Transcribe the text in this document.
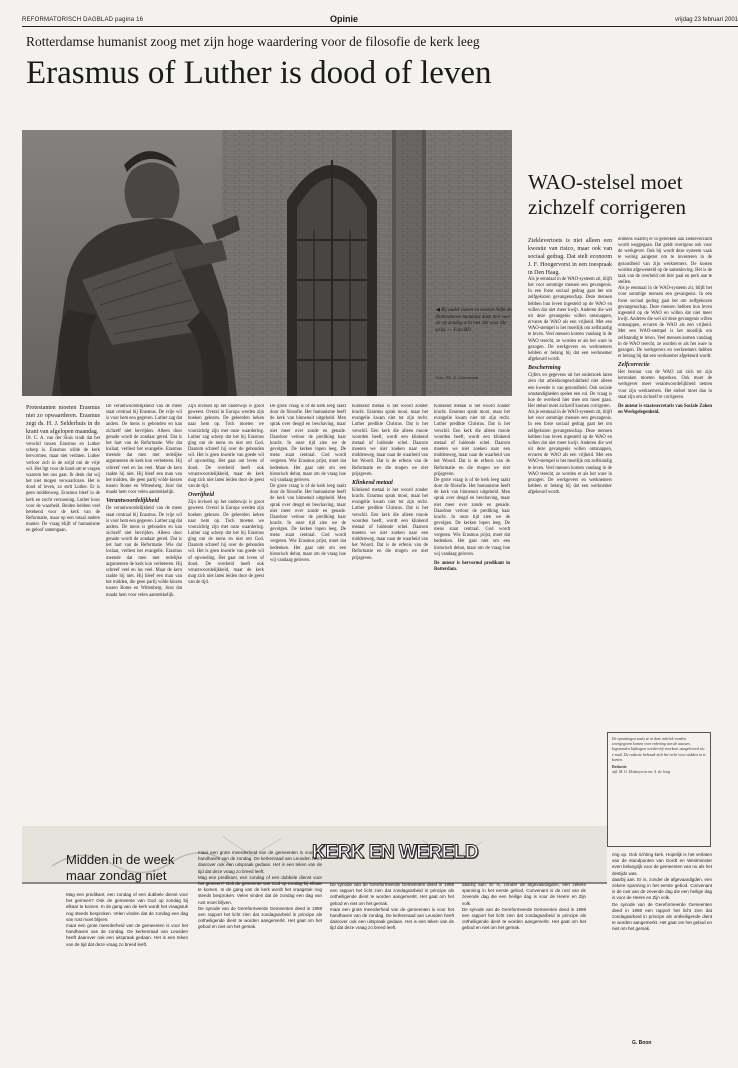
REFORMATORISCH DAGBLAD pagina 16	Opinie	vrijdag 23 februari 2001
Rotterdamse humanist zoog met zijn hoge waardering voor de filosofie de kerk leeg
Erasmus of Luther is dood of leven
◀ Bij nader inzien en tweeen blijkt de Rotterdamse humanist daar niet voor de op zondag erin met ziet voor die prijs. — Foto RD
Foto: RD, G. Doornenbal
Protestanten moeten Erasmus niet zo opwaarderen. Erasmus zegt ds. H. J. Selderhuis in de krant van afgelopen maandag.
Dr. C. A. van der Sluis vindt dat het verschil tussen Erasmus en Luther scherp is. Erasmus wilde de kerk hervormen, maar niet verlaten. Luther verloor zich in de strijd om de vrije wil. Het ligt voor de hand om te vragen waarom het ons gaat. Ik denk dat wij het niet mogen verwaarlozen. Het is dood of leven, zo stelt Luther. Er is geen middenweg. Erasmus bleef in de kerk en zocht verzoening. Luther koos voor de waarheid. Beiden hebben veel betekend voor de kerk van de Reformatie, maar op een totaal andere manier. De vraag blijft of humanisme en geloof samengaan.
De verantwoordelijkheid van de mens staat centraal bij Erasmus. De vrije wil is voor hem een gegeven. Luther zag dat anders. De mens is gebonden en kan zichzelf niet bevrijden. Alleen door genade wordt de zondaar gered. Dat is het hart van de Reformatie. Wie dat loslaat, verliest het evangelie. Erasmus meende dat men met redelijke argumenten de kerk kon verbeteren. Hij schreef veel en las veel. Maar de kern raakte hij niet. Hij bleef een man van het midden, die geen partij wilde kiezen tussen Rome en Wittenberg. Juist dat maakt hem voor velen aantrekkelijk.
Verantwoordelijkheid
De verantwoordelijkheid van de mens staat centraal bij Erasmus. De vrije wil is voor hem een gegeven. Luther zag dat anders. De mens is gebonden en kan zichzelf niet bevrijden. Alleen door genade wordt de zondaar gered. Dat is het hart van de Reformatie. Wie dat loslaat, verliest het evangelie. Erasmus meende dat men met redelijke argumenten de kerk kon verbeteren. Hij schreef veel en las veel. Maar de kern raakte hij niet. Hij bleef een man van het midden, die geen partij wilde kiezen tussen Rome en Wittenberg. Juist dat maakt hem voor velen aantrekkelijk.
Zijn invloed op het onderwijs is groot geweest. Overal in Europa werden zijn boeken gelezen. De geleerden keken naar hem op. Toch moeten we voorzichtig zijn met onze waardering. Luther zag scherp dat het bij Erasmus ging om de mens en niet om God. Daarom schreef hij over de gebonden wil. Het is geen kwestie van goede wil of opvoeding. Het gaat om leven of dood. De overheid heeft ook verantwoordelijkheid, maar de kerk mag zich niet laten leiden door de geest van de tijd.
Overijheid
Zijn invloed op het onderwijs is groot geweest. Overal in Europa werden zijn boeken gelezen. De geleerden keken naar hem op. Toch moeten we voorzichtig zijn met onze waardering. Luther zag scherp dat het bij Erasmus ging om de mens en niet om God. Daarom schreef hij over de gebonden wil. Het is geen kwestie van goede wil of opvoeding. Het gaat om leven of dood. De overheid heeft ook verantwoordelijkheid, maar de kerk mag zich niet laten leiden door de geest van de tijd.
De grote vraag is of de kerk leeg raakt door de filosofie. Het humanisme heeft de kerk van binnenuit uitgehold. Men sprak over deugd en beschaving, maar niet meer over zonde en genade. Daardoor verloor de prediking haar kracht. In onze tijd zien we de gevolgen. De kerken lopen leeg. De mens staat centraal. God wordt vergeten. Wie Erasmus prijst, moet dat bedenken. Het gaat niet om een historisch debat, maar om de vraag hoe wij vandaag geloven.
De grote vraag is of de kerk leeg raakt door de filosofie. Het humanisme heeft de kerk van binnenuit uitgehold. Men sprak over deugd en beschaving, maar niet meer over zonde en genade. Daardoor verloor de prediking haar kracht. In onze tijd zien we de gevolgen. De kerken lopen leeg. De mens staat centraal. God wordt vergeten. Wie Erasmus prijst, moet dat bedenken. Het gaat niet om een historisch debat, maar om de vraag hoe wij vandaag geloven.
Klinkend metaal is het woord zonder kracht. Erasmus sprak mooi, maar het evangelie kwam niet tot zijn recht. Luther predikte Christus. Dat is het verschil. Een kerk die alleen mooie woorden heeft, wordt een klinkend metaal of luidende schel. Daarom moeten we niet zoeken naar een middenweg, maar naar de waarheid van het Woord. Dat is de erfenis van de Reformatie en die mogen we niet prijsgeven.
Klinkend metaal
Klinkend metaal is het woord zonder kracht. Erasmus sprak mooi, maar het evangelie kwam niet tot zijn recht. Luther predikte Christus. Dat is het verschil. Een kerk die alleen mooie woorden heeft, wordt een klinkend metaal of luidende schel. Daarom moeten we niet zoeken naar een middenweg, maar naar de waarheid van het Woord. Dat is de erfenis van de Reformatie en die mogen we niet prijsgeven.
Klinkend metaal is het woord zonder kracht. Erasmus sprak mooi, maar het evangelie kwam niet tot zijn recht. Luther predikte Christus. Dat is het verschil. Een kerk die alleen mooie woorden heeft, wordt een klinkend metaal of luidende schel. Daarom moeten we niet zoeken naar een middenweg, maar naar de waarheid van het Woord. Dat is de erfenis van de Reformatie en die mogen we niet prijsgeven.
De grote vraag is of de kerk leeg raakt door de filosofie. Het humanisme heeft de kerk van binnenuit uitgehold. Men sprak over deugd en beschaving, maar niet meer over zonde en genade. Daardoor verloor de prediking haar kracht. In onze tijd zien we de gevolgen. De kerken lopen leeg. De mens staat centraal. God wordt vergeten. Wie Erasmus prijst, moet dat bedenken. Het gaat niet om een historisch debat, maar om de vraag hoe wij vandaag geloven.
De auteur is hervormd predikant in Rotterdam.
WAO-stelsel moet
zichzelf corrigeren
Zieklevertoets is niet alleen een kwestie van risico, maar ook van sociaal gedrag. Dat stelt econoom J. F. Hoogervorst in een toespraak in Den Haag.
Als je eenmaal in de WAO-systeem zit, blijft het voor sommige mensen een gevangenis. In een forse sociaal gedrag gaat het om zelfgekozen gevangenschap. Deze mensen hebben hun leven ingesteld op de WAO en willen dat niet meer kwijt. Anderen die wel uit deze gevangenis willen ontsnappen, ervaren de WAO als een vrijheid. Met een WAO-stempel is het moeilijk om zelfstandig te leven. Veel mensen komen vandaag in de WAO terecht, ze worden er als het ware in gezogen. De werkgevers en werknemers hebben er belang bij dat een werknemer afgekeurd wordt.
Bescherming
Cijfers en gegevens uit het onderzoek laten zien dat arbeidsongeschiktheid niet alleen een kwestie is van gezondheid. Ook sociale omstandigheden spelen een rol. De vraag is hoe de overheid hier mee om moet gaan. Het stelsel moet zichzelf kunnen corrigeren.
Als je eenmaal in de WAO-systeem zit, blijft het voor sommige mensen een gevangenis. In een forse sociaal gedrag gaat het om zelfgekozen gevangenschap. Deze mensen hebben hun leven ingesteld op de WAO en willen dat niet meer kwijt. Anderen die wel uit deze gevangenis willen ontsnappen, ervaren de WAO als een vrijheid. Met een WAO-stempel is het moeilijk om zelfstandig te leven. Veel mensen komen vandaag in de WAO terecht, ze worden er als het ware in gezogen. De werkgevers en werknemers hebben er belang bij dat een werknemer afgekeurd wordt.
onmens waarbij er in gebreken aan ziekteverzuim wordt weggegaan. Dat geldt overigens ook voor de werkgever. Ook bij wordt deze systeem vaak te weinig aangezet om te investeren in de gezondheid van zijn werknemers. De kosten worden afgewenteld op de samenleving. Het is de taak van de overheid om hier paal en perk aan te stellen.
Als je eenmaal in de WAO-systeem zit, blijft het voor sommige mensen een gevangenis. In een forse sociaal gedrag gaat het om zelfgekozen gevangenschap. Deze mensen hebben hun leven ingesteld op de WAO en willen dat niet meer kwijt. Anderen die wel uit deze gevangenis willen ontsnappen, ervaren de WAO als een vrijheid. Met een WAO-stempel is het moeilijk om zelfstandig te leven. Veel mensen komen vandaag in de WAO terecht, ze worden er als het ware in gezogen. De werkgevers en werknemers hebben er belang bij dat een werknemer afgekeurd wordt.
Zelfcorrectie
Het bestuur van de WAO zal zich tot zijn kerntaken moeten beperken. Ook moet de werkgever meer verantwoordelijkheid nemen voor zijn werknemers. Het stelsel moet dan in staat zijn om zichzelf te corrigeren.
De auteur is staatssecretaris van Sociale Zaken en Werkgelegenheid.
De opvattingen zoals ze in deze rubriek worden weergegeven komen voor rekening van de auteurs. Ingezonden bijdragen worden bij voorkeur aangeleverd via e-mail. De redactie behoudt zich het recht voor stukken in te korten.
Redactie
afd. M. G. Holsteyn en mr. S. de Jong
KERK EN WERELD
Midden in de week
maar zondag niet
Mag een predikant, een zondag of een dubbele dienst voor het gemeen? Ook de gemeente van God op zondag bij elkaar te komen. In de gang van de kerk wordt het vraagstuk nog steeds besproken. Velen vinden dat de zondag een dag van rust moet blijven.
maar een grote meerderheid van de gemeenten is voor het handhaven van de zondag. De kerkenraad van Leusden heeft daarover ook een uitspraak gedaan. Het is een teken van de tijd dat deze vraag zo breed leeft.
maar een grote meerderheid van de gemeenten is voor het handhaven van de zondag. De kerkenraad van Leusden heeft daarover ook een uitspraak gedaan. Het is een teken van de tijd dat deze vraag zo breed leeft.
Mag een predikant, een zondag of een dubbele dienst voor het gemeen? Ook de gemeente van God op zondag bij elkaar te komen. In de gang van de kerk wordt het vraagstuk nog steeds besproken. Velen vinden dat de zondag een dag van rust moet blijven.
De synode van de Gereformeerde Gemeenten deed in 1998 een rapport het licht zien dat zondagsarbeid in principe als ontheiligende dient te worden aangemerkt. Het gaat om het gebod en niet om het gemak.
De synode van de Gereformeerde Gemeenten deed in 1998 een rapport het licht zien dat zondagsarbeid in principe als ontheiligende dient te worden aangemerkt. Het gaat om het gebod en niet om het gemak.
maar een grote meerderheid van de gemeenten is voor het handhaven van de zondag. De kerkenraad van Leusden heeft daarover ook een uitspraak gedaan. Het is een teken van de tijd dat deze vraag zo breed leeft.
daarbij aan. Er is, zonder de afgevaardigden, een zekere spanning in het eerste gebod. Convenant is de rust van de zevende dag die een heilige dag is voor de Heere en Zijn volk.
De synode van de Gereformeerde Gemeenten deed in 1998 een rapport het licht zien dat zondagsarbeid in principe als ontheiligende dient te worden aangemerkt. Het gaat om het gebod en niet om het gemak.
ring op. Ook richting kerk. Hopelijk is het verlaten van de standpunten van Dordt en Westminster even belangrijk voor de gemeenten van nu als het destijds was.
daarbij aan. Er is, zonder de afgevaardigden, een zekere spanning in het eerste gebod. Convenant is de rust van de zevende dag die een heilige dag is voor de Heere en Zijn volk.
De synode van de Gereformeerde Gemeenten deed in 1998 een rapport het licht zien dat zondagsarbeid in principe als ontheiligende dient te worden aangemerkt. Het gaat om het gebod en niet om het gemak.
G. Boon
